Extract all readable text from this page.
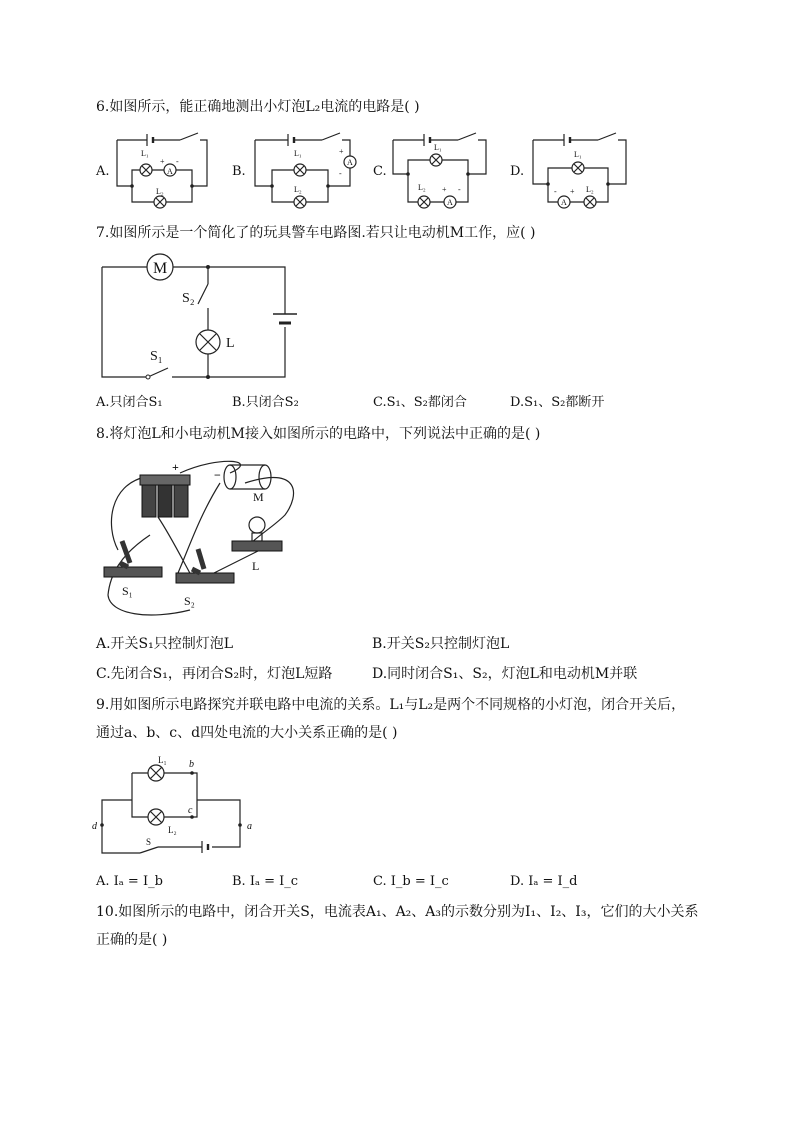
6.如图所示，能正确地测出小灯泡L₂电流的电路是( )
A.	B.	C.	D.
A
L₁
L₂
+ -	A
L₁
L₂
+
-
A
L₁
L₂ + -
A
L₁
L₂
+
-
7.如图所示是一个简化了的玩具警车电路图.若只让电动机M工作，应( )
M
S₂
L
S₁
A.只闭合S₁	B.只闭合S₂	C.S₁、S₂都闭合	D.S₁、S₂都断开
8.将灯泡L和小电动机M接入如图所示的电路中，下列说法中正确的是( )
+
−
M
L
S₁
S₂
A.开关S₁只控制灯泡L	B.开关S₂只控制灯泡L
C.先闭合S₁，再闭合S₂时，灯泡L短路	D.同时闭合S₁、S₂，灯泡L和电动机M并联
9.用如图所示电路探究并联电路中电流的关系。L₁与L₂是两个不同规格的小灯泡，闭合开关后，
通过a、b、c、d四处电流的大小关系正确的是( )
L₁
L₂
b
c
a
d
S
A. Iₐ = I_b	B. Iₐ = I_c	C. I_b = I_c	D. Iₐ = I_d
10.如图所示的电路中，闭合开关S，电流表A₁、A₂、A₃的示数分别为I₁、I₂、I₃，它们的大小关系
正确的是( )
